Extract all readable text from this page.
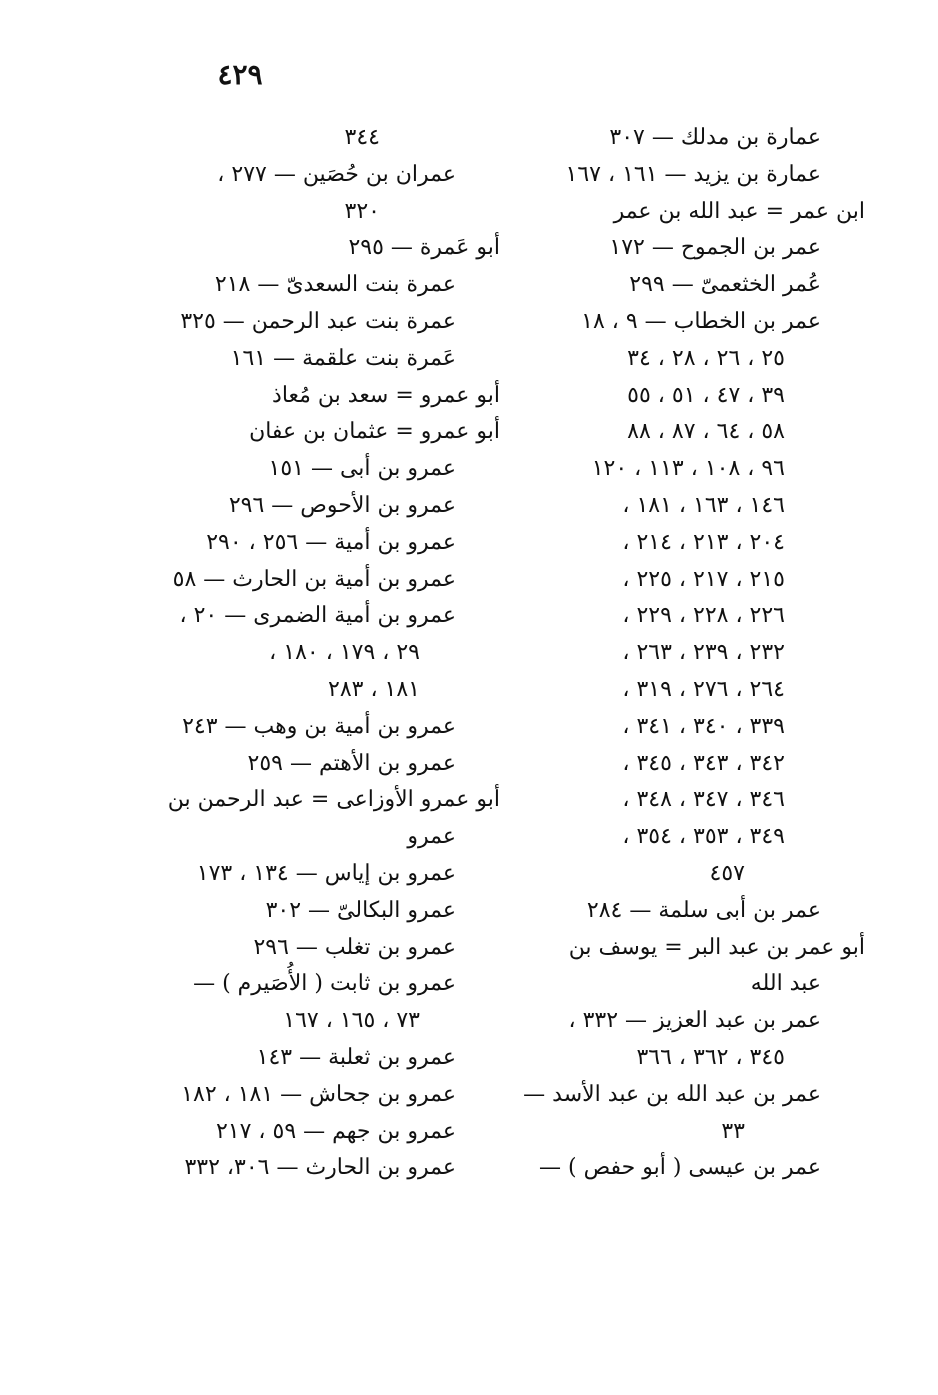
٤٢٩
عمارة بن مدلك — ٣٠٧
عمارة بن يزيد — ١٦١ ، ١٦٧
ابن عمر = عبد الله بن عمر
عمر بن الجموح — ١٧٢
عُمر الخثعمىّ — ٢٩٩
عمر بن الخطاب — ٩ ، ١٨
٢٥ ، ٢٦ ، ٢٨ ، ٣٤
٣٩ ، ٤٧ ، ٥١ ، ٥٥
٥٨ ، ٦٤ ، ٨٧ ، ٨٨
٩٦ ، ١٠٨ ، ١١٣ ، ١٢٠
١٤٦ ، ١٦٣ ، ١٨١ ،
٢٠٤ ، ٢١٣ ، ٢١٤ ،
٢١٥ ، ٢١٧ ، ٢٢٥ ،
٢٢٦ ، ٢٢٨ ، ٢٢٩ ،
٢٣٢ ، ٢٣٩ ، ٢٦٣ ،
٢٦٤ ، ٢٧٦ ، ٣١٩ ،
٣٣٩ ، ٣٤٠ ، ٣٤١ ،
٣٤٢ ، ٣٤٣ ، ٣٤٥ ،
٣٤٦ ، ٣٤٧ ، ٣٤٨ ،
٣٤٩ ، ٣٥٣ ، ٣٥٤ ،
٤٥٧
عمر بن أبى سلمة — ٢٨٤
أبو عمر بن عبد البر = يوسف بن
عبد الله
عمر بن عبد العزيز — ٣٣٢ ،
٣٤٥ ، ٣٦٢ ، ٣٦٦
عمر بن عبد الله بن عبد الأسد —
٣٣
عمر بن عيسى ( أبو حفص ) —
٣٤٤
عمران بن حُصَين — ٢٧٧ ،
٣٢٠
أبو عَمرة — ٢٩٥
عمرة بنت السعدىّ — ٢١٨
عمرة بنت عبد الرحمن — ٣٢٥
عَمرة بنت علقمة — ١٦١
أبو عمرو = سعد بن مُعاذ
أبو عمرو = عثمان بن عفان
عمرو بن أبى — ١٥١
عمرو بن الأحوص — ٢٩٦
عمرو بن أمية — ٢٥٦ ، ٢٩٠
عمرو بن أمية بن الحارث — ٥٨
عمرو بن أمية الضمرى — ٢٠ ،
٢٩ ، ١٧٩ ، ١٨٠ ،
١٨١ ، ٢٨٣
عمرو بن أمية بن وهب — ٢٤٣
عمرو بن الأهتم — ٢٥٩
أبو عمرو الأوزاعى = عبد الرحمن بن
عمرو
عمرو بن إياس — ١٣٤ ، ١٧٣
عمرو البكالىّ — ٣٠٢
عمرو بن تغلب — ٢٩٦
عمرو بن ثابت ( الأُصَيرم ) —
٧٣ ، ١٦٥ ، ١٦٧
عمرو بن ثعلبة — ١٤٣
عمرو بن جحاش — ١٨١ ، ١٨٢
عمرو بن جهم — ٥٩ ، ٢١٧
عمرو بن الحارث — ٣٠٦، ٣٣٢
